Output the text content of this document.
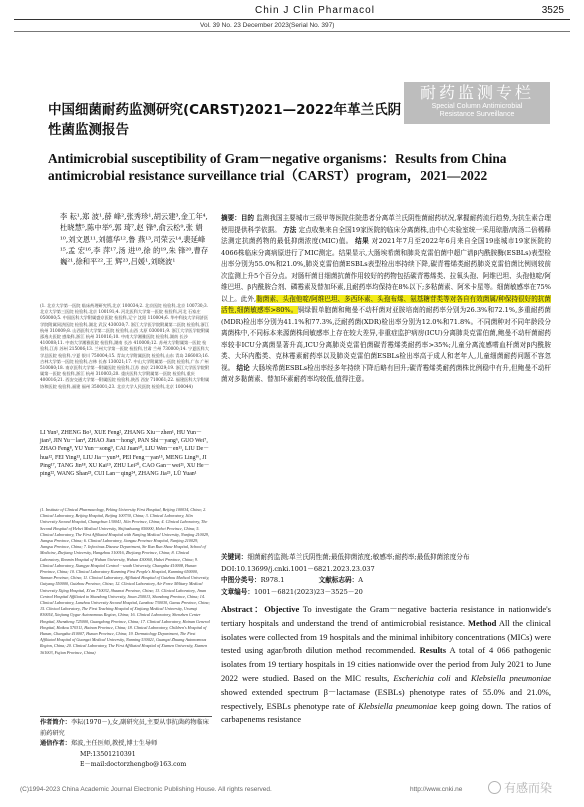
Chin J Clin Pharmacol	3525
Vol. 39 No. 23 December 2023(Serial No. 397)
耐药监测专栏
Special Column Antimicrobial
Resistance Surveillance
中国细菌耐药监测研究(CARST)2021—2022年革兰氏阴性菌监测报告
Antimicrobial susceptibility of Gram－negative organisms：Results from China antimicrobial resistance surveillance trial（CARST）program，2021—2022
李 耘¹,郑 波¹,薛 峰²,张秀珍¹,胡云建³,金工年⁴,杜晓慧⁵,陈中举⁶,郭 琦⁷,赵 锋⁸,俞云松⁹,张 娟¹⁰,刘文恩¹¹,刘德华¹²,鲁 燕¹³,司荣云¹⁴,裴延峰¹⁵,孟 宏¹⁶,李 萍¹⁷,汤 进¹⁸,徐 的¹⁹,朱 锋²⁰,曹存巍²¹,徐和平²²,王 辉²³,吕媛¹,刘晓波¹
(1. 北京大学第一医院 临床药理研究所,北京 100034;2. 北京医院 检验科,北京 100730;3. 北京大学第三医院 检验科,北京 100191;4. 河北医科大学第一医院 检验科,河北 石家庄 050000;5. 中国医科大学附属盛京医院 检验科,辽宁 沈阳 110004;6. 华中科技大学同济医学院附属同济医院 检验科,湖北 武汉 430030;7. 浙江大学医学院附属第二医院 检验科,浙江 杭州 310009;8. 山西医科大学第二医院 检验科,山西 太原 030001;9. 浙江大学医学院附属邵逸夫医院 感染科,浙江 杭州 310016;10. 中南大学湘雅医院 检验科,湖南 长沙 410008;11. 中南大学湘雅医院 检验科,湖南 长沙 410008;12. 苏州大学附属第一医院 检验科,江苏 苏州 215006;13. 兰州大学第一医院 检验科,甘肃 兰州 730000;14. 宁夏医科大学总医院 检验科,宁夏 银川 750004;15. 青岛大学附属医院 检验科,山东 青岛 266003;16. 吉林大学第一医院 检验科,吉林 长春 130021;17. 中山大学附属第一医院 检验科,广东 广州 510080;18. 南京医科大学第一附属医院 检验科,江苏 南京 210029;19. 浙江大学医学院附属第一医院 检验科,浙江 杭州 310003;20. 重庆医科大学附属第一医院 检验科,重庆 400016;21. 西安交通大学第一附属医院 检验科,陕西 西安 710061;22. 福建医科大学附属协和医院 检验科,福建 福州 350001;23. 北京大学人民医院 检验科,北京 100044)
LI Yun¹, ZHENG Bo¹, XUE Feng², ZHANG Xiu－zhen¹, HU Yun－jian³, JIN Yu－lan⁴, ZHAO Jian－hong⁵, PAN Shi－yang⁶, GUO Wei⁷, ZHAO Feng⁸, YU Yun－song⁹, CAI Juan¹⁰, LIU Wen－en¹¹, LIU De－hua¹², FEI Ying¹³, LIU Jia－yun¹⁴, PEI Feng－yan¹⁵, MENG Ling¹⁶, JI Ping¹⁷, TANG Jin¹⁸, XU Kai¹⁹, ZHU Lei²⁰, CAO Gan－wei²¹, XU He－ping²², WANG Shan²³, CUI Lan－qing²⁴, ZHANG Jia²⁵, LÜ Yuan¹
(1. Institute of Clinical Pharmacology, Peking University First Hospital, Beijing 100034, China; 2. Clinical Laboratory, Beijing Hospital, Beijing 100730, China; 3. Clinical Laboratory, Jilin University Second Hospital, Changchun 130041, Jilin Province, China; 4. Clinical Laboratory, The Second Hospital of Hebei Medical University, Shijiazhuang 050000, Hebei Province, China; 5. Clinical Laboratory, The First Affiliated Hospital with Nanjing Medical University, Nanjing 210029, Jiangsu Province, China; 6. Clinical Laboratory, Jiangsu Province Hospital, Nanjing 210029, Jiangsu Province, China; 7. Infectious Disease Department, Sir Run Run Shaw Hospital, School of Medicine, Zhejiang University, Hangzhou 310016, Zhejiang Province, China; 8. Clinical Laboratory, Renmin Hospital of Wuhan University, Wuhan 430060, Hubei Province, China; 9. Clinical Laboratory, Xiangya Hospital Central－south University, Changsha 410008, Hunan Province, China; 10. Clinical Laboratory Kunming First People's Hospital, Kunming 650000, Yunnan Province, China; 11. Clinical Laboratory, Affiliated Hospital of Guizhou Medical University, Guiyang 550000, Guizhou Province, China; 12. Clinical Laboratory, Air Force Military Medical University Xijing Hospital, Xi'an 710032, Shaanxi Province, China; 13. Clinical Laboratory, Jinan Central Hospital Affiliated to Shandong University, Jinan 250013, Shandong Province, China; 14. Clinical Laboratory, Lanzhou University Second Hospital, Lanzhou 730030, Gansu Province, China; 15. Clinical Laboratory, The First Teaching Hospital of Xinjiang Medical University, Urumqi 830054, Xinjiang Uygur Autonomous Region, China; 16. Clinical Laboratory, Shenzhen Center Hospital, Shenzheng 725000, Guangdong Province, China; 17. Clinical Laboratory, Hainan General Hospital, Haikou 570311, Hainan Province, China; 18. Clinical Laboratory, Children's Hospital of Hunan, Changsha 410007, Hunan Province, China; 19. Dermatology Department, The First Affiliated Hospital of Guangxi Medical University, Nanning 530021, Guangxi Zhuang Autonomous Region, China; 20. Clinical Laboratory, The First Affiliated Hospital of Xiamen University, Xiamen 361003, Fujian Province, China)
作者简介：李耘(1970－),女,副研究员,主要从事抗菌药物临床前药研究
通信作者：郑波,主任医师,教授,博士生导师
MP:13501210391
E－mail:doctorzhengbo@163.com
摘要：目的 监测我国主要城市三级甲等医院住院患者分离革兰氏阴性菌耐药状况,掌握耐药流行趋势,为抗生素合理使用提供科学依据。 方法 定点收集来自全国19家医院的临床分离菌株,由中心实验室统一采用琼脂/肉汤二倍稀释法测定抗菌药物的最低抑菌浓度(MIC)值。 结果 对2021年7月至2022年6月来自全国19座城市19家医院的4066株临床分离病原进行了MIC测定。结果显示,大肠埃希菌和肺炎克雷伯菌中超广谱β内酰胺酶(ESBLs)表型检出率分别为55.0%和21.0%,肺炎克雷伯菌ESBLs表型检出率持续下降,碳青霉烯类耐药肺炎克雷伯菌比例则较前次监测上升5个百分点。对肠杆菌目细菌抗菌作用较好的药物包括碳青霉烯类、拉氧头孢、阿维巴坦、头孢他啶/阿维巴坦、β内酰胺合剂、磷霉素及替加环素,且耐药率均保持在8%以下;多粘菌素、阿米卡星等。细菌敏感率在75%以上。此外,黏菌素、头孢他啶/阿维巴坦、多西环素、头孢布烯、氨基糖苷类等对各自有效菌属/种保持很好的抗菌活性,细菌敏感率>80%。铜绿假单胞菌和鲍曼不动杆菌对亚胺培南的耐药率分别为26.3%和72.1%,多重耐药菌(MDR)检出率分别为41.1%和77.3%,泛耐药菌(XDR)检出率分别为12.0%和71.8%。不同菌种对不同年龄段分离菌株中,不同标本来源菌株间敏感率上存在较大差异,非重症监护病房(ICU)分离肺炎克雷伯菌,鲍曼不动杆菌耐药率较非ICU分离菌显著升高,ICU分离肺炎克雷伯菌碳青霉烯类耐药率>35%;儿童分离流感嗜血杆菌对β内酰胺类、大环内酯类、克林霉素耐药率以及肺炎克雷伯菌ESBLs检出率高于成人和老年人,儿童细菌耐药问题不容忽视。 结论 大肠埃希菌ESBLs检出率经多年持续下降后略有回升;碳青霉烯类耐药菌株比例稳中有升,但鲍曼不动杆菌对多黏菌素、替加环素耐药率均较低,值得注意。
关键词：细菌耐药监测;革兰氏阴性菌;最低抑菌浓度;敏感率;耐药率;最低抑菌浓度分布
DOI:10.13699/j.cnki.1001－6821.2023.23.037
中图分类号：R978.1	文献标志码：A
文章编号：1001－6821(2023)23－3525－20
Abstract：Objective To investigate the Gram－negative bacteria resistance in nationwide's tertiary hospitals and understand the trend of antimicrobial resistance. Method All the clinical isolates were collected from 19 hospitals and the minimal inhibitory concentrations (MICs) were tested using agar/broth dilution method recommended. Results A total of 4 066 pathogenic isolates from 19 tertiary hospitals in 19 cities nationwide over the period from July 2021 to June 2022 were studied. Based on the MIC results, Escherichia coli and Klebsiella pneumoniae showed extended spectrum β－lactamase (ESBLs) phenotype rates of 55.0% and 21.0%, respectively, ESBLs phenotype rate of Klebsiella pneumoniae keep going down. The ratios of carbapenems resistance
(C)1994-2023 China Academic Journal Electronic Publishing House. All rights reserved.	http://www.cnki.ne	有感而染
